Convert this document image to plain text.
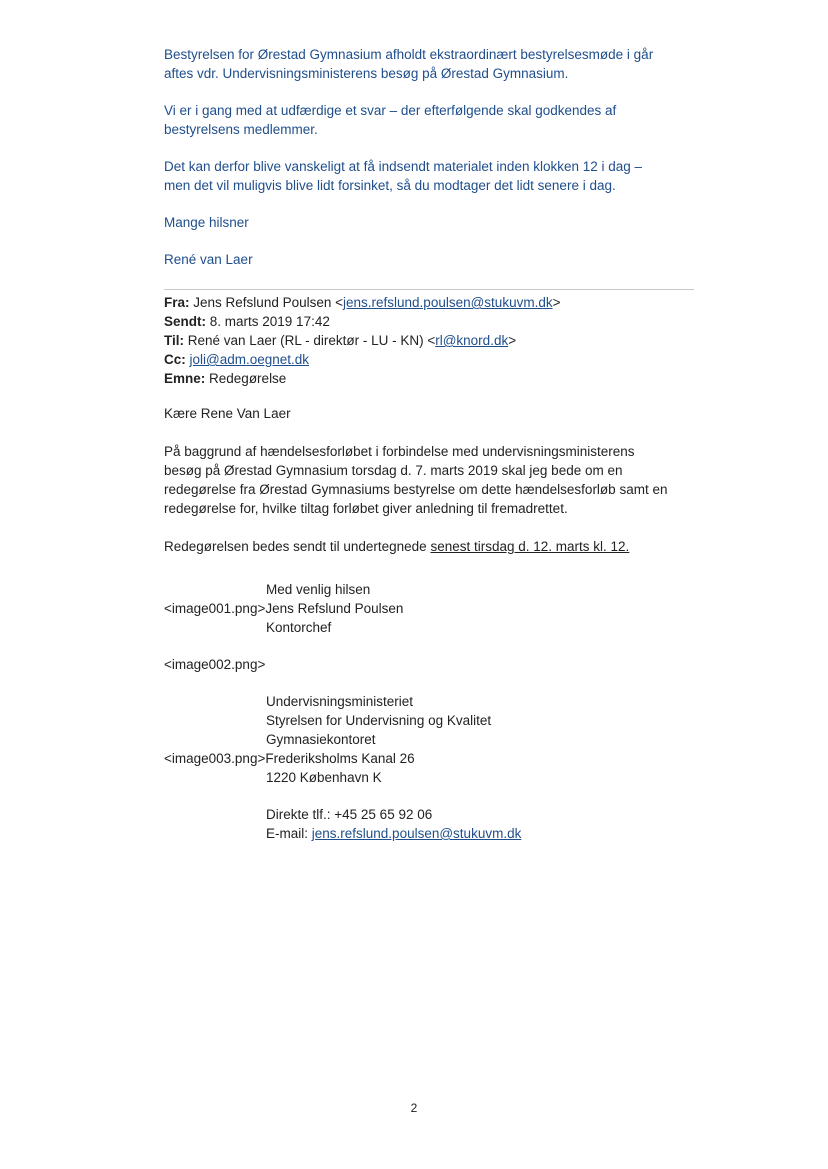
Bestyrelsen for Ørestad Gymnasium afholdt ekstraordinært bestyrelsesmøde i går
aftes vdr. Undervisningsministerens besøg på Ørestad Gymnasium.
Vi er i gang med at udfærdige et svar – der efterfølgende skal godkendes af
bestyrelsens medlemmer.
Det kan derfor blive vanskeligt at få indsendt materialet inden klokken 12 i dag –
men det vil muligvis blive lidt forsinket, så du modtager det lidt senere i dag.
Mange hilsner
René van Laer
Fra: Jens Refslund Poulsen <jens.refslund.poulsen@stukuvm.dk>
Sendt: 8. marts 2019 17:42
Til: René van Laer (RL - direktør - LU - KN) <rl@knord.dk>
Cc: joli@adm.oegnet.dk
Emne: Redegørelse
Kære Rene Van Laer
På baggrund af hændelsesforløbet i forbindelse med undervisningsministerens
besøg på Ørestad Gymnasium torsdag d. 7. marts 2019 skal jeg bede om en
redegørelse fra Ørestad Gymnasiums bestyrelse om dette hændelsesforløb samt en
redegørelse for, hvilke tiltag forløbet giver anledning til fremadrettet.
Redegørelsen bedes sendt til undertegnede senest tirsdag d. 12. marts kl. 12.
Med venlig hilsen
<image001.png>Jens Refslund Poulsen
Kontorchef
<image002.png>
Undervisningsministeriet
Styrelsen for Undervisning og Kvalitet
Gymnasiekontoret
<image003.png>Frederiksholms Kanal 26
1220 København K
Direkte tlf.: +45 25 65 92 06
E-mail: jens.refslund.poulsen@stukuvm.dk
2
